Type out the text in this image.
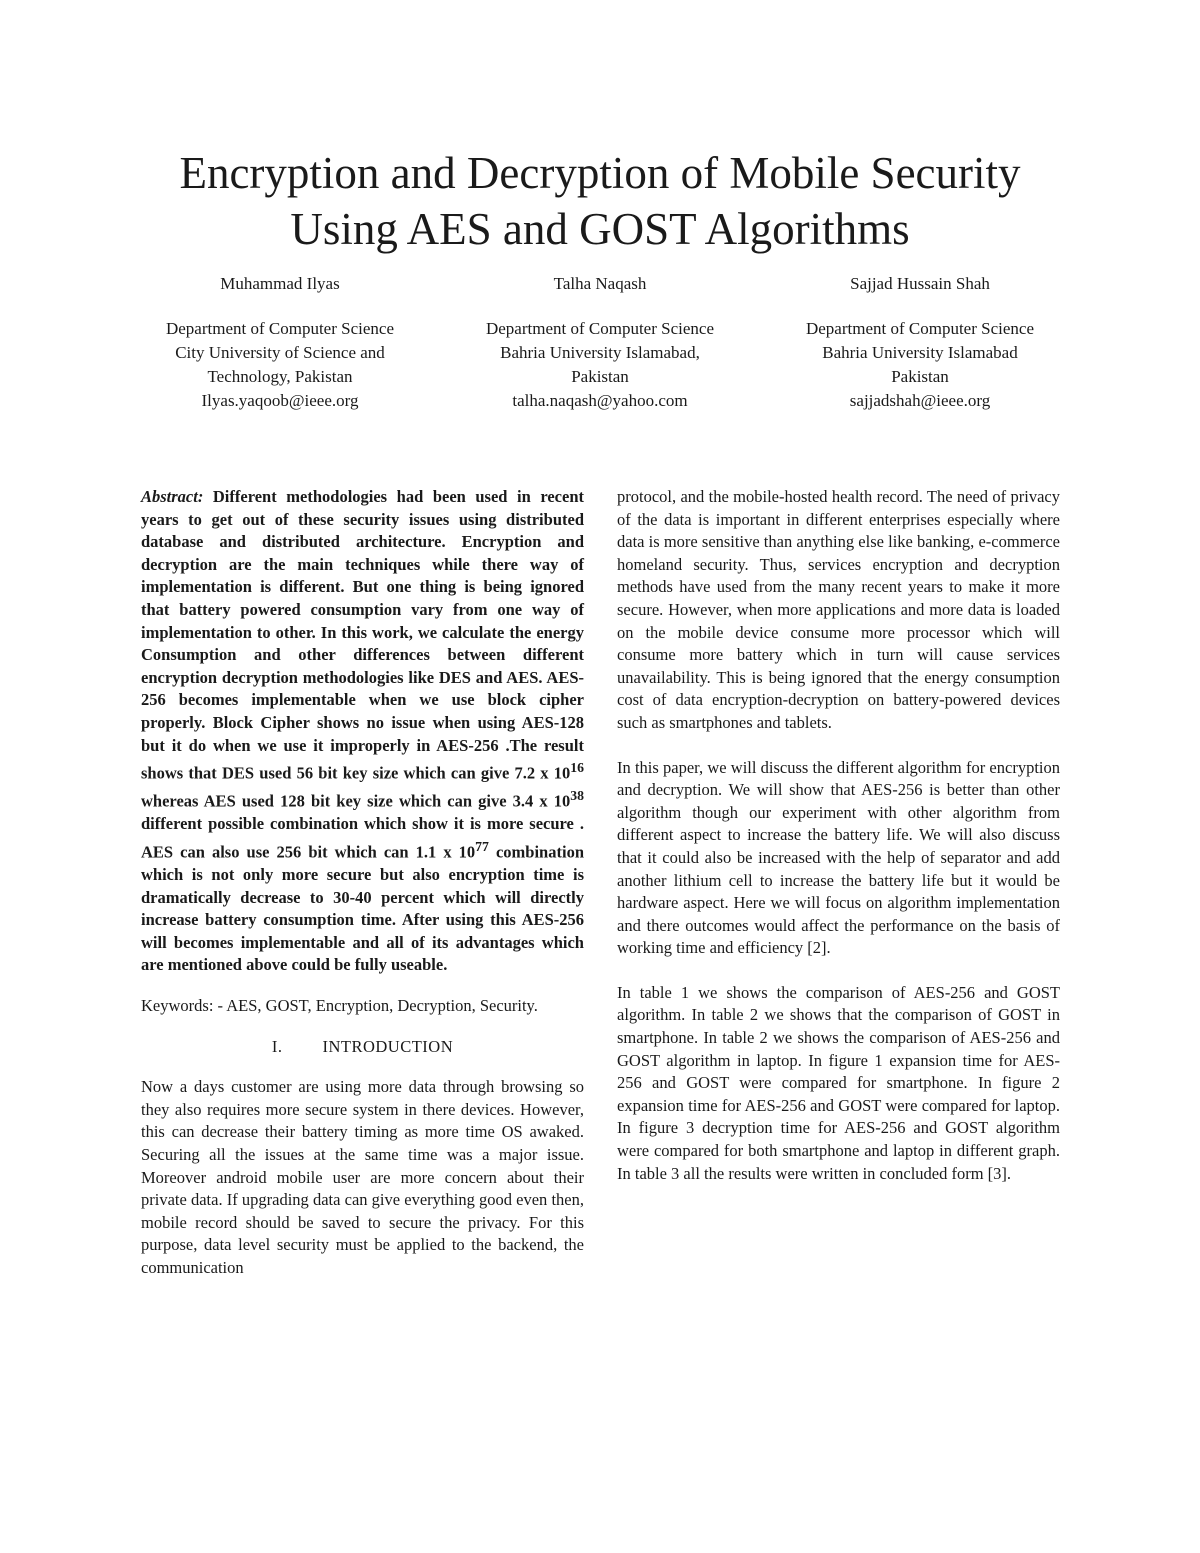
Encryption and Decryption of Mobile Security
Using AES and GOST Algorithms
Muhammad Ilyas
Department of Computer Science
City University of Science and
Technology, Pakistan
Ilyas.yaqoob@ieee.org
Talha Naqash
Department of Computer Science
Bahria University Islamabad,
Pakistan
talha.naqash@yahoo.com
Sajjad Hussain Shah
Department of Computer Science
Bahria University Islamabad
Pakistan
sajjadshah@ieee.org

Abstract: Different methodologies had been used in recent years to get out of these security issues using distributed database and distributed architecture. Encryption and decryption are the main techniques while there way of implementation is different. But one thing is being ignored that battery powered consumption vary from one way of implementation to other. In this work, we calculate the energy Consumption and other differences between different encryption decryption methodologies like DES and AES. AES-256 becomes implementable when we use block cipher properly. Block Cipher shows no issue when using AES-128 but it do when we use it improperly in AES-256 .The result shows that DES used 56 bit key size which can give 7.2 x $10^{16}$ whereas AES used 128 bit key size which can give 3.4 x $10^{38}$ different possible combination which show it is more secure . AES can also use 256 bit which can 1.1 x $10^{77}$ combination which is not only more secure but also encryption time is dramatically decrease to 30-40 percent which will directly increase battery consumption time. After using this AES-256 will becomes implementable and all of its advantages which are mentioned above could be fully useable.

Keywords: - AES, GOST, Encryption, Decryption, Security.

I. INTRODUCTION

Now a days customer are using more data through browsing so they also requires more secure system in there devices. However, this can decrease their battery timing as more time OS awaked. Securing all the issues at the same time was a major issue. Moreover android mobile user are more concern about their private data. If upgrading data can give everything good even then, mobile record should be saved to secure the privacy. For this purpose, data level security must be applied to the backend, the communication

protocol, and the mobile-hosted health record. The need of privacy of the data is important in different enterprises especially where data is more sensitive than anything else like banking, e-commerce homeland security. Thus, services encryption and decryption methods have used from the many recent years to make it more secure. However, when more applications and more data is loaded on the mobile device consume more processor which will consume more battery which in turn will cause services unavailability. This is being ignored that the energy consumption cost of data encryption-decryption on battery-powered devices such as smartphones and tablets.

In this paper, we will discuss the different algorithm for encryption and decryption. We will show that AES-256 is better than other algorithm though our experiment with other algorithm from different aspect to increase the battery life. We will also discuss that it could also be increased with the help of separator and add another lithium cell to increase the battery life but it would be hardware aspect. Here we will focus on algorithm implementation and there outcomes would affect the performance on the basis of working time and efficiency [2].

In table 1 we shows the comparison of AES-256 and GOST algorithm. In table 2 we shows that the comparison of GOST in smartphone. In table 2 we shows the comparison of AES-256 and GOST algorithm in laptop. In figure 1 expansion time for AES-256 and GOST were compared for smartphone. In figure 2 expansion time for AES-256 and GOST were compared for laptop. In figure 3 decryption time for AES-256 and GOST algorithm were compared for both smartphone and laptop in different graph. In table 3 all the results were written in concluded form [3].
